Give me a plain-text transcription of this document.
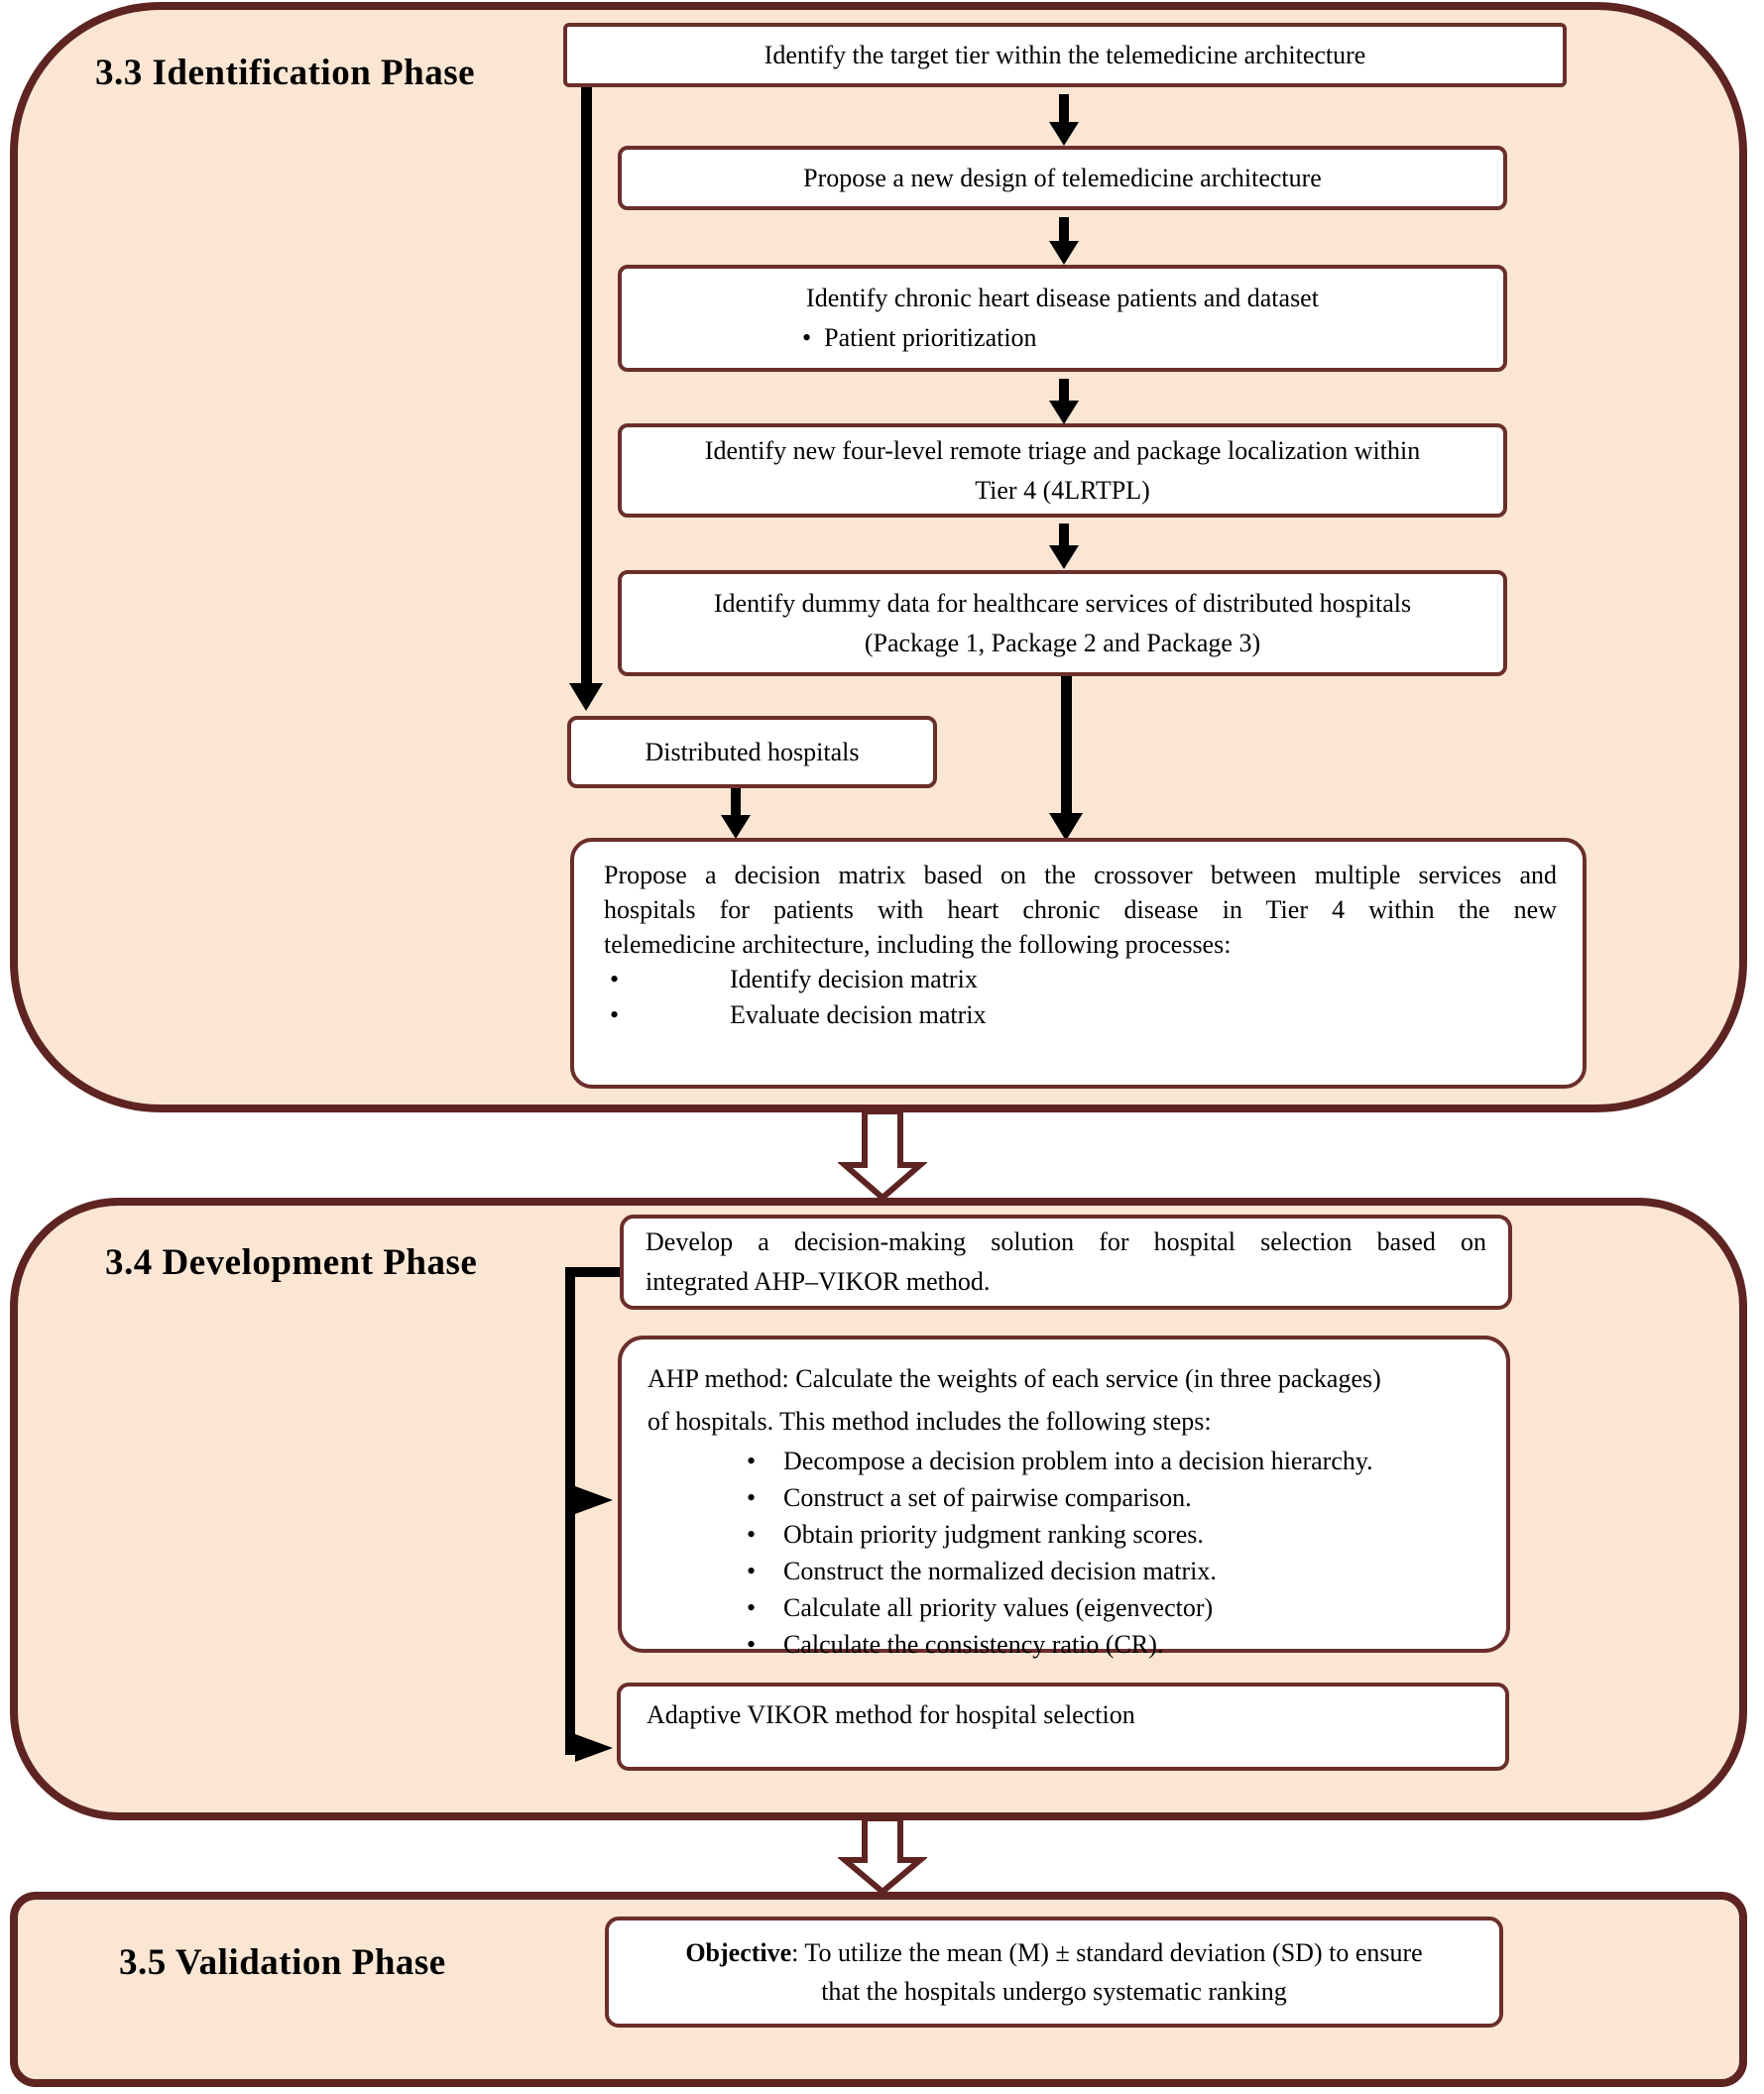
3.3 Identification Phase	Identify the target tier within the telemedicine architecture
Propose a new design of telemedicine architecture
Identify chronic heart disease patients and dataset
• Patient prioritization
Identify new four-level remote triage and package localization within
Tier 4 (4LRTPL)
Identify dummy data for healthcare services of distributed hospitals
(Package 1, Package 2 and Package 3)
Distributed hospitals
Propose a decision matrix based on the crossover between multiple services and
hospitals for patients with heart chronic disease in Tier 4 within the new
telemedicine architecture, including the following processes:
•	Identify decision matrix
•	Evaluate decision matrix
3.4 Development Phase
Develop a decision-making solution for hospital selection based on
integrated AHP–VIKOR method.
AHP method: Calculate the weights of each service (in three packages)
of hospitals. This method includes the following steps:
•	Decompose a decision problem into a decision hierarchy.
•	Construct a set of pairwise comparison.
•	Obtain priority judgment ranking scores.
•	Construct the normalized decision matrix.
•	Calculate all priority values (eigenvector)
•	Calculate the consistency ratio (CR).
Adaptive VIKOR method for hospital selection
3.5 Validation Phase	Objective: To utilize the mean (M) ± standard deviation (SD) to ensure
that the hospitals undergo systematic ranking
